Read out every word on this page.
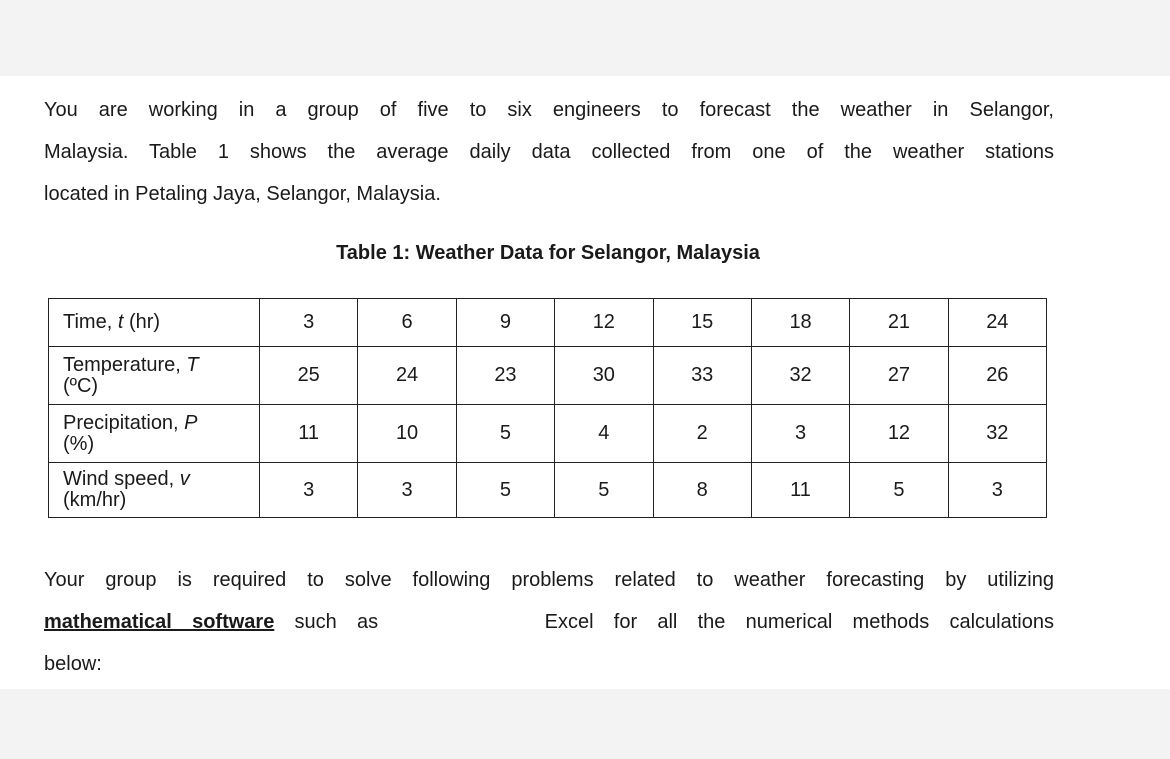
You are working in a group of five to six engineers to forecast the weather in Selangor,
Malaysia. Table 1 shows the average daily data collected from one of the weather stations
located in Petaling Jaya, Selangor, Malaysia.
Table 1: Weather Data for Selangor, Malaysia
Time, t (hr)	3	6	9	12	15	18	21	24
Temperature, T
(ºC)	25	24	23	30	33	32	27	26
Precipitation, P
(%)	11	10	5	4	2	3	12	32
Wind speed, v
(km/hr)	3	3	5	5	8	11	5	3
Your group is required to solve following problems related to weather forecasting by utilizing
mathematical software such as	Excel for all the numerical methods calculations
below:
